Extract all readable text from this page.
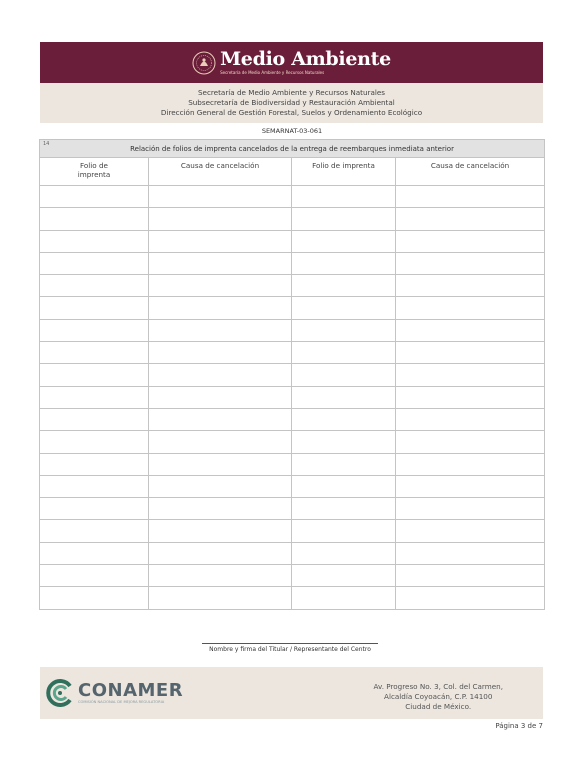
Medio Ambiente
Secretaría de Medio Ambiente y Recursos Naturales
Secretaría de Medio Ambiente y Recursos Naturales
Subsecretaría de Biodiversidad y Restauración Ambiental
Dirección General de Gestión Forestal, Suelos y Ordenamiento Ecológico
SEMARNAT-03-061
14
Relación de folios de imprenta cancelados de la entrega de reembarques inmediata anterior			
Folio de imprenta	Causa de cancelación	Folio de imprenta	Causa de cancelación

Nombre y firma del Titular / Representante del Centro
CONAMER
COMISIÓN NACIONAL DE MEJORA REGULATORIA
Av. Progreso No. 3, Col. del Carmen,
Alcaldía Coyoacán, C.P. 14100
Ciudad de México.
Página 3 de 7
